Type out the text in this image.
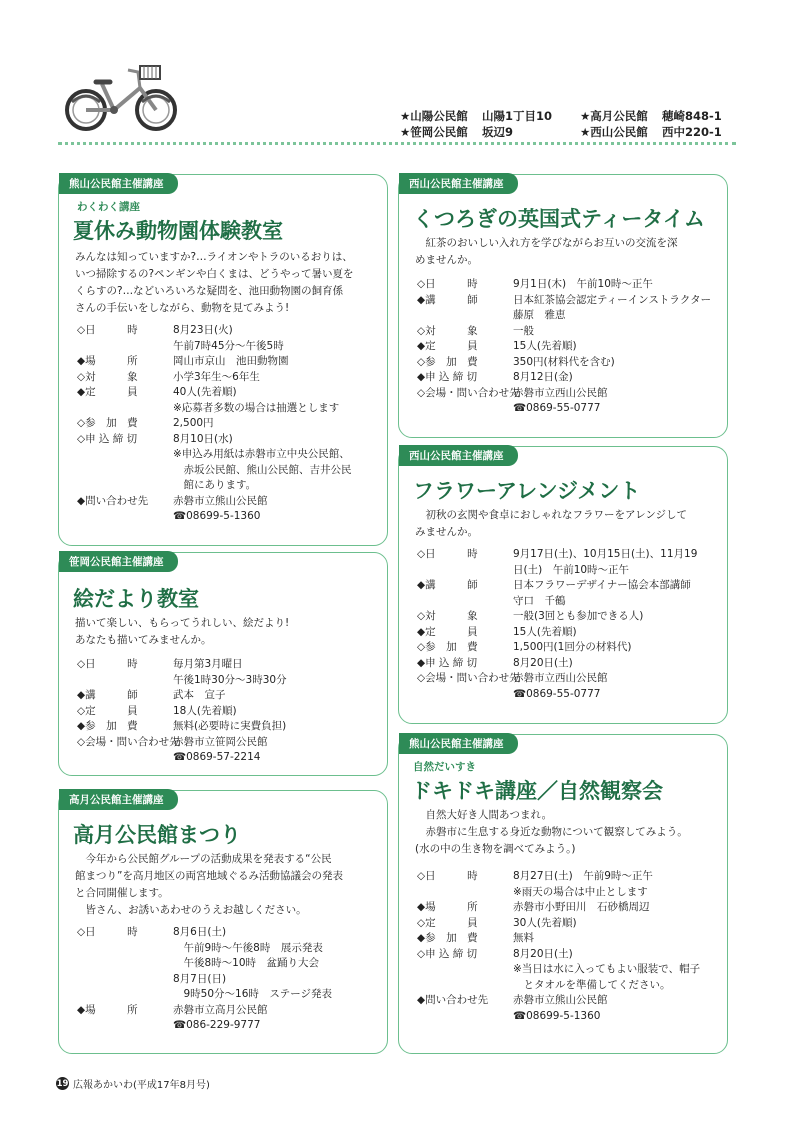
★山陽公民館 山陽1丁目10
★笹岡公民館 坂辺9
★高月公民館 穂崎848-1
★西山公民館 西中220-1
熊山公民館主催講座
わくわく講座
夏休み動物園体験教室
みんなは知っていますか?…ライオンやトラのいるおりは、
いつ掃除するの?ペンギンや白くまは、どうやって暑い夏を
くらすの?…などいろいろな疑問を、池田動物園の飼育係
さんの手伝いをしながら、動物を見てみよう!
◇日　　　時	8月23日(火)
午前7時45分～午後5時
◆場　　　所	岡山市京山　池田動物園
◇対　　　象	小学3年生～6年生
◆定　　　員	40人(先着順)
※応募者多数の場合は抽選とします
◇参　加　費	2,500円
◇申 込 締 切	8月10日(水)
※申込み用紙は赤磐市立中央公民館、
　赤坂公民館、熊山公民館、吉井公民
　館にあります。
◆問い合わせ先	赤磐市立熊山公民館
☎08699-5-1360
笹岡公民館主催講座
絵だより教室
描いて楽しい、もらってうれしい、絵だより!
あなたも描いてみませんか。
◇日　　　時	毎月第3月曜日
午後1時30分～3時30分
◆講　　　師	武本　宣子
◇定　　　員	18人(先着順)
◆参　加　費	無料(必要時に実費負担)
◇会場・問い合わせ先
赤磐市立笹岡公民館
☎0869-57-2214
高月公民館主催講座
高月公民館まつり
　今年から公民館グループの活動成果を発表する“公民
館まつり”を高月地区の両宮地域ぐるみ活動協議会の発表
と合同開催します。
　皆さん、お誘いあわせのうえお越しください。
◇日　　　時	8月6日(土)
　午前9時～午後8時　展示発表
　午後8時～10時　盆踊り大会
8月7日(日)
　9時50分～16時　ステージ発表
◆場　　　所	赤磐市立高月公民館
☎086-229-9777
西山公民館主催講座
くつろぎの英国式ティータイム
　紅茶のおいしい入れ方を学びながらお互いの交流を深
めませんか。
◇日　　　時	9月1日(木)　午前10時～正午
◆講　　　師	日本紅茶協会認定ティーインストラクター
藤原　雅恵
◇対　　　象	一般
◆定　　　員	15人(先着順)
◇参　加　費	350円(材料代を含む)
◆申 込 締 切	8月12日(金)
◇会場・問い合わせ先
赤磐市立西山公民館
☎0869-55-0777
西山公民館主催講座
フラワーアレンジメント
　初秋の玄関や食卓におしゃれなフラワーをアレンジして
みませんか。
◇日　　　時	9月17日(土)、10月15日(土)、11月19
日(土)　午前10時～正午
◆講　　　師	日本フラワーデザイナー協会本部講師
守口　千鶴
◇対　　　象	一般(3回とも参加できる人)
◆定　　　員	15人(先着順)
◇参　加　費	1,500円(1回分の材料代)
◆申 込 締 切	8月20日(土)
◇会場・問い合わせ先
赤磐市立西山公民館
☎0869-55-0777
熊山公民館主催講座
自然だいすき
ドキドキ講座／自然観察会
　自然大好き人間あつまれ。
　赤磐市に生息する身近な動物について観察してみよう。
(水の中の生き物を調べてみよう。)
◇日　　　時	8月27日(土)　午前9時～正午
※雨天の場合は中止とします
◆場　　　所	赤磐市小野田川　石砂橋周辺
◇定　　　員	30人(先着順)
◆参　加　費	無料
◇申 込 締 切	8月20日(土)
※当日は水に入ってもよい服装で、帽子
　とタオルを準備してください。
◆問い合わせ先	赤磐市立熊山公民館
☎08699-5-1360
19 広報あかいわ(平成17年8月号)
